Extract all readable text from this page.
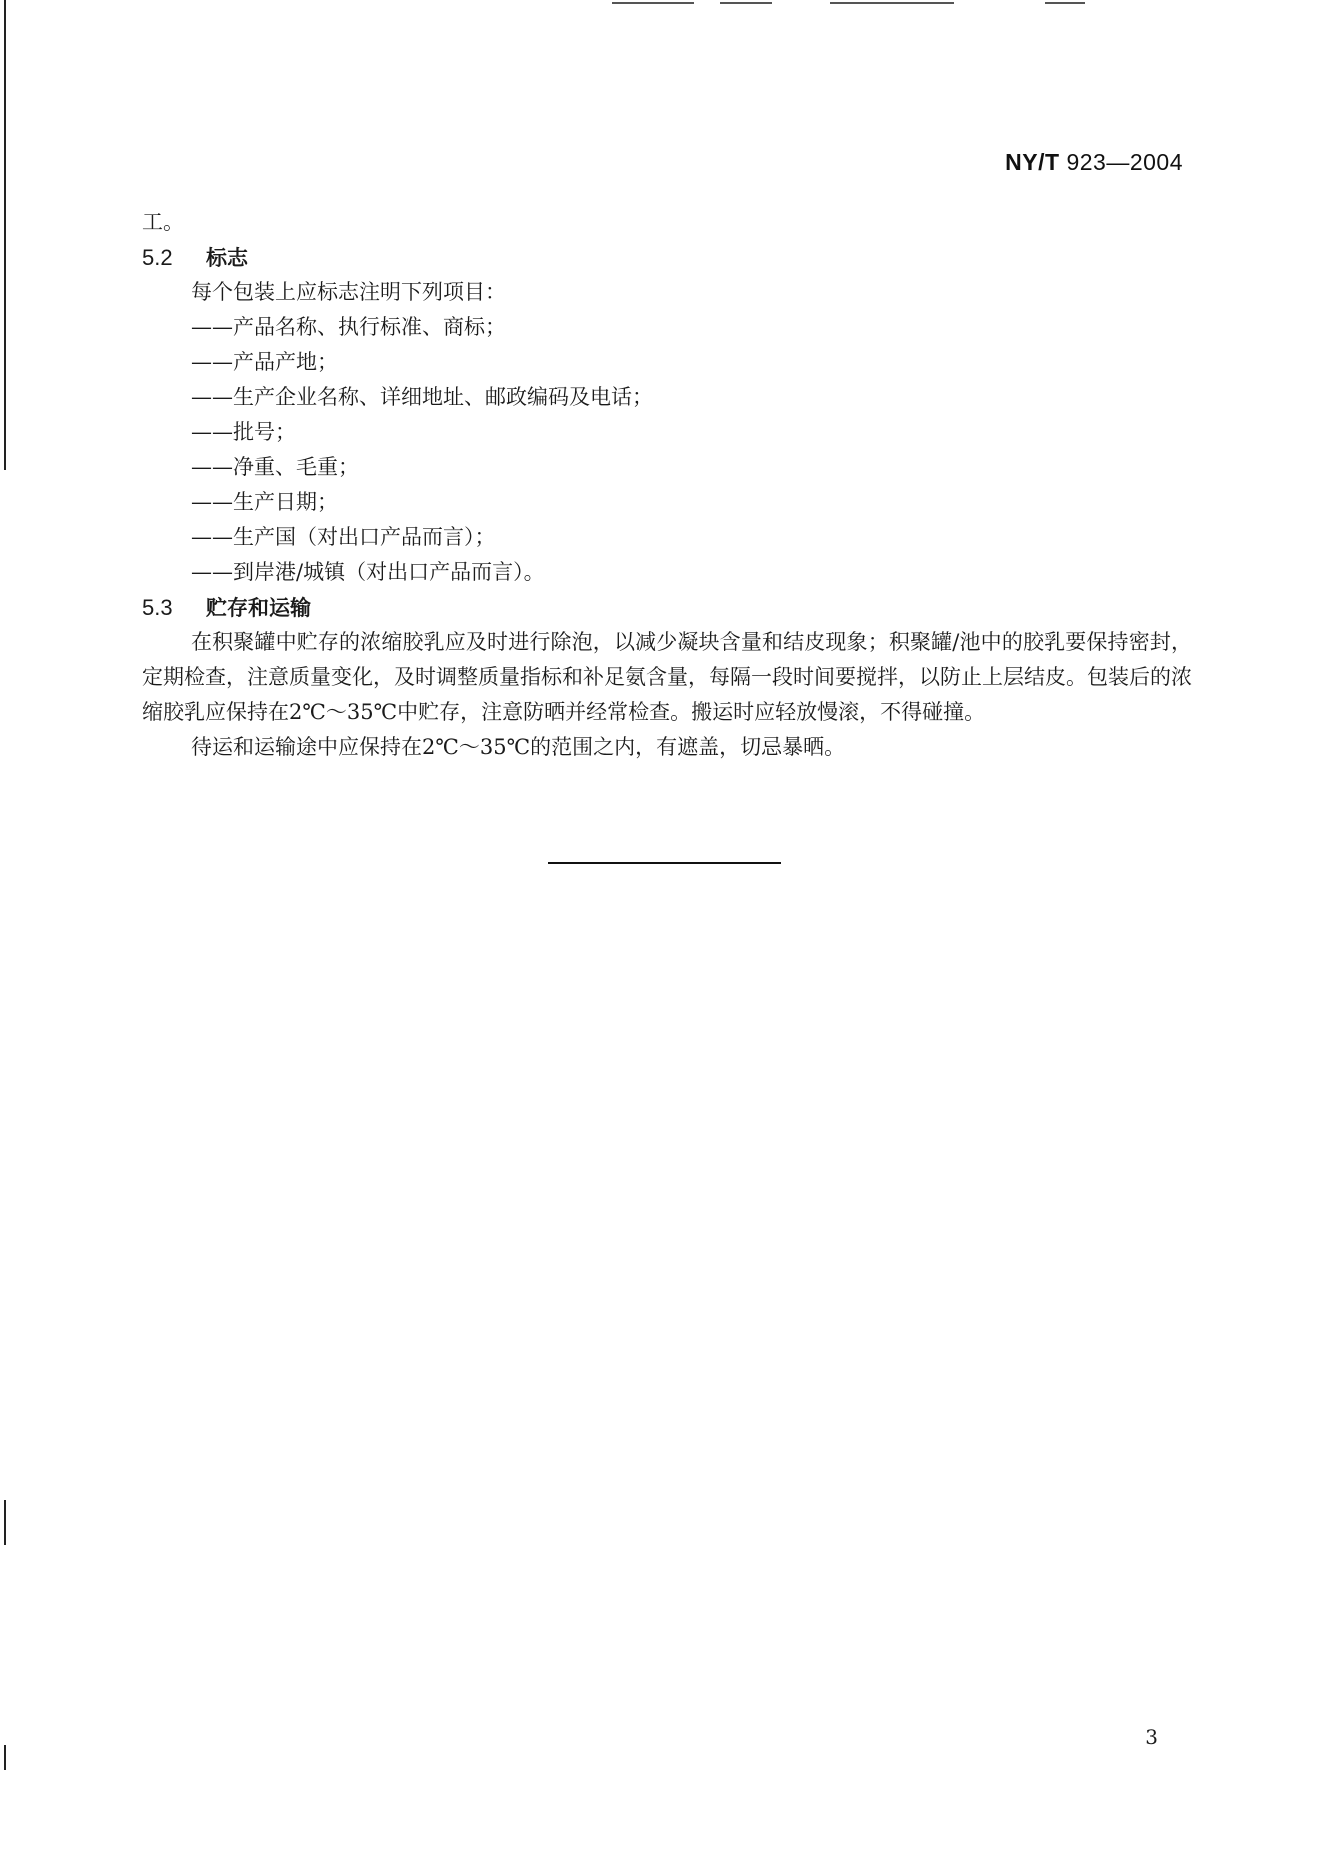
NY/T 923—2004
工。
5.2 标志
每个包装上应标志注明下列项目：
——产品名称、执行标准、商标；
——产品产地；
——生产企业名称、详细地址、邮政编码及电话；
——批号；
——净重、毛重；
——生产日期；
——生产国（对出口产品而言）；
——到岸港/城镇（对出口产品而言）。
5.3 贮存和运输

在积聚罐中贮存的浓缩胶乳应及时进行除泡，以减少凝块含量和结皮现象；积聚罐/池中的胶乳要保持密封，定期检查，注意质量变化，及时调整质量指标和补足氨含量，每隔一段时间要搅拌，以防止上层结皮。包装后的浓缩胶乳应保持在2℃～35℃中贮存，注意防晒并经常检查。搬运时应轻放慢滚，不得碰撞。

待运和运输途中应保持在2℃～35℃的范围之内，有遮盖，切忌暴晒。

3
